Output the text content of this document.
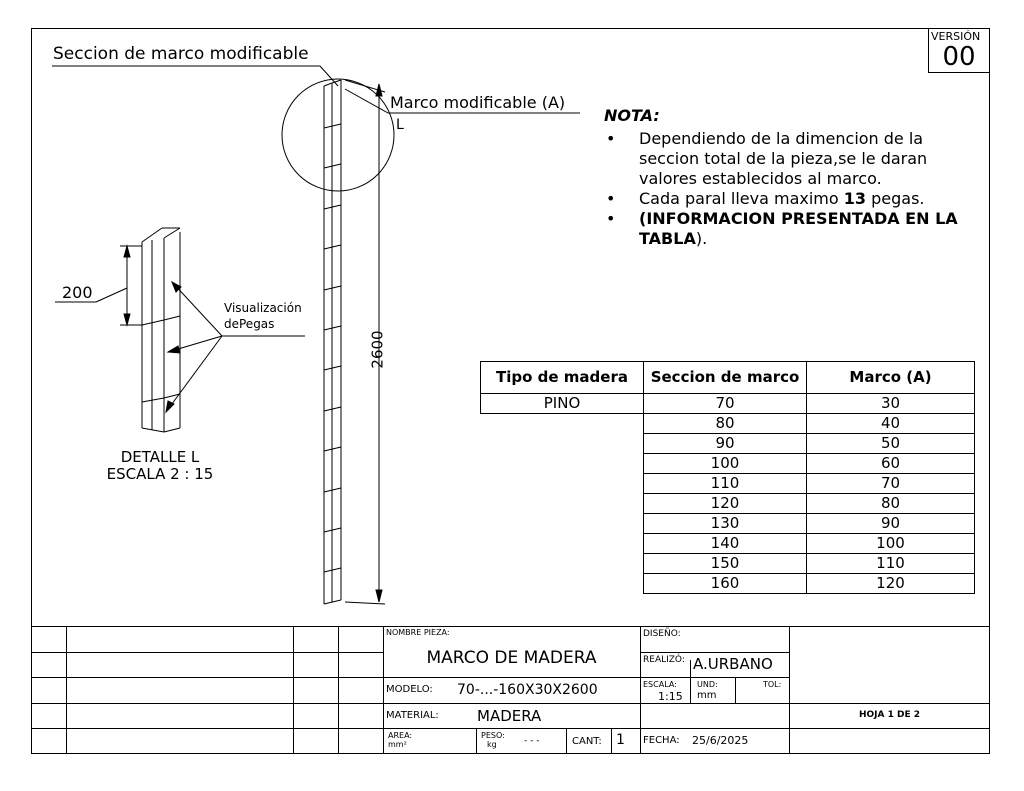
VERSIÓN
00
Seccion de marco modificable
Marco modificable (A)
L
200
2600
Visualización
dePegas
DETALLE L
ESCALA 2 : 15
NOTA:
• Dependiendo de la dimencion de la seccion total de la pieza,se le daran valores establecidos al marco.
• Cada paral lleva maximo 13 pegas.
• (INFORMACION PRESENTADA EN LA TABLA).
Tipo de madera	Seccion de marco	Marco (A)
PINO	70	30
	80	40
	90	50
	100	60
	110	70
	120	80
	130	90
	140	100
	150	110
	160	120
NOMBRE PIEZA:
MARCO DE MADERA
MODELO: 70-...-160X30X2600
MATERIAL:	MADERA
AREA:
mm²
PESO:
kg	- - -	CANT: 1
DISEÑO:
REALIZÓ: A.URBANO
ESCALA:
1:15
UND:
mm
TOL:
FECHA: 25/6/2025
HOJA 1 DE 2
